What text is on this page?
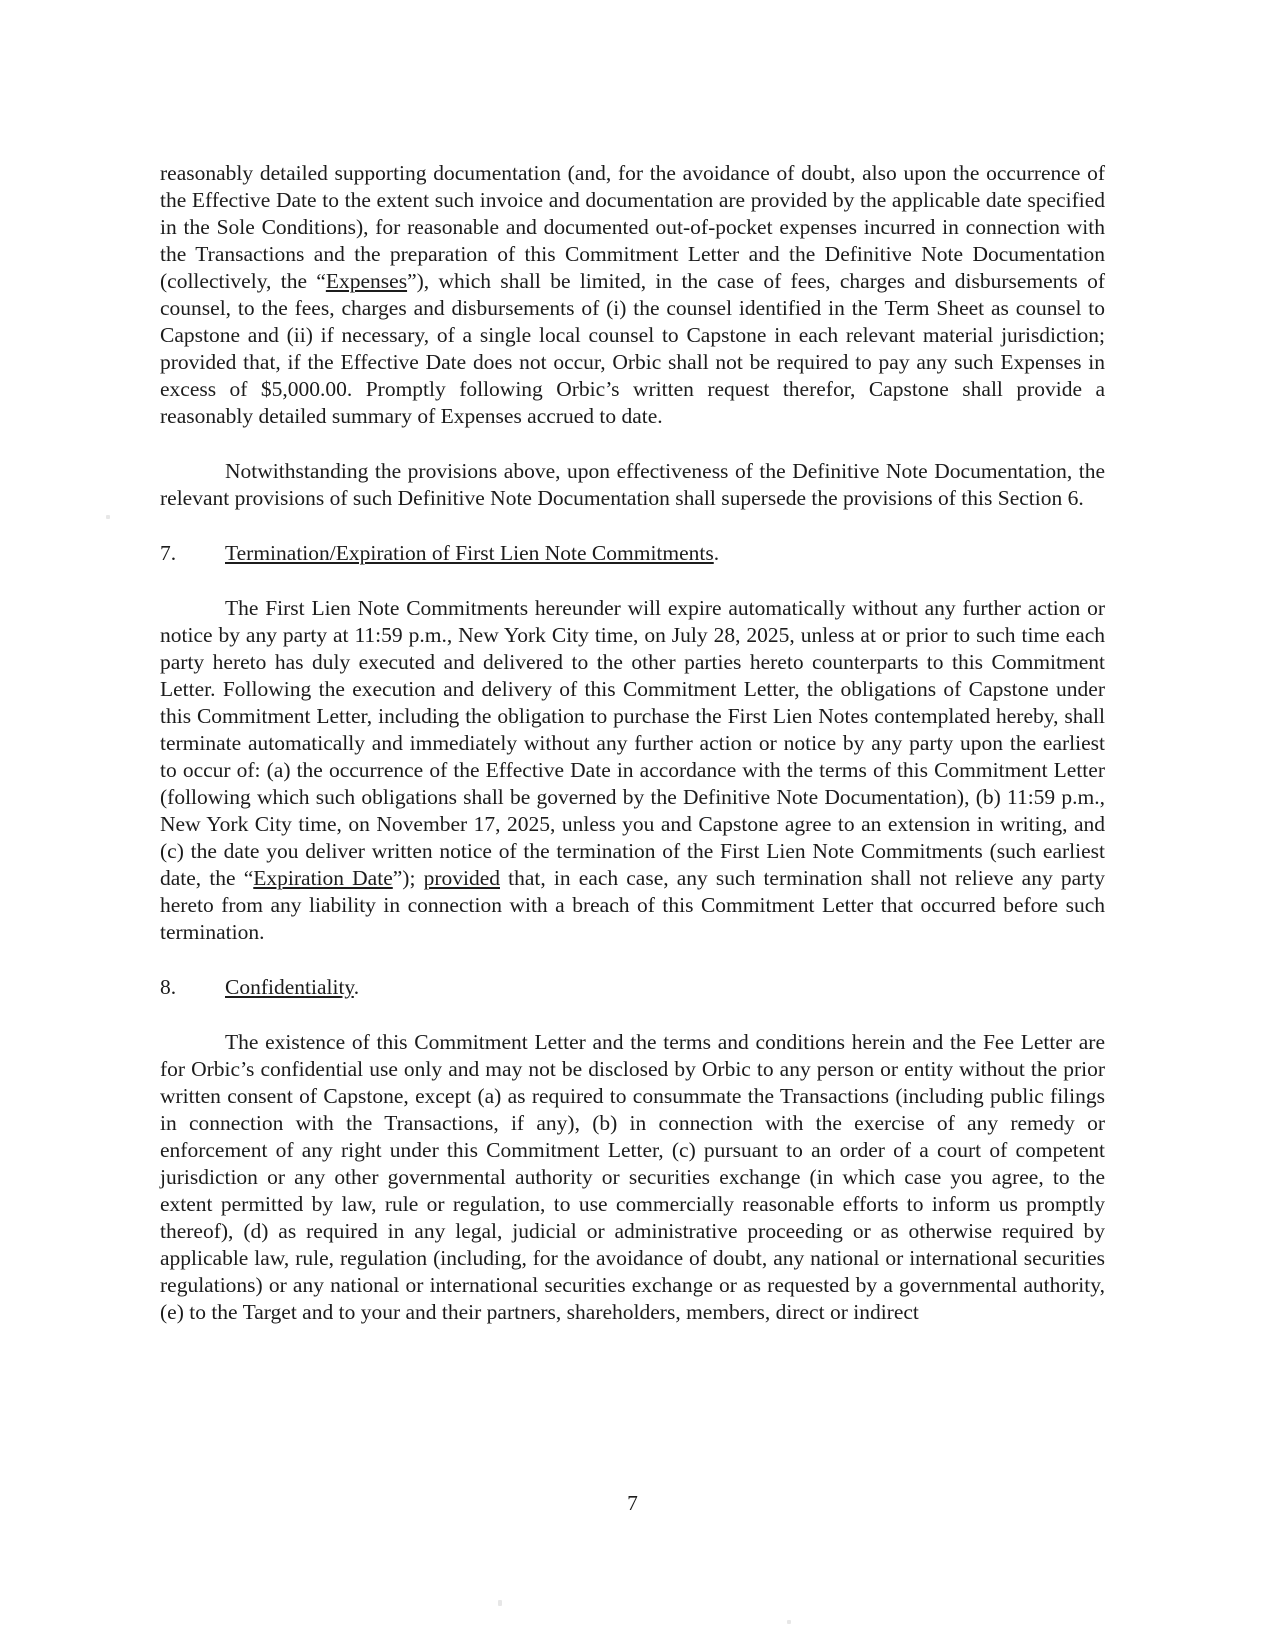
reasonably detailed supporting documentation (and, for the avoidance of doubt, also upon the occurrence of the Effective Date to the extent such invoice and documentation are provided by the applicable date specified in the Sole Conditions), for reasonable and documented out-of-pocket expenses incurred in connection with the Transactions and the preparation of this Commitment Letter and the Definitive Note Documentation (collectively, the “Expenses”), which shall be limited, in the case of fees, charges and disbursements of counsel, to the fees, charges and disbursements of (i) the counsel identified in the Term Sheet as counsel to Capstone and (ii) if necessary, of a single local counsel to Capstone in each relevant material jurisdiction; provided that, if the Effective Date does not occur, Orbic shall not be required to pay any such Expenses in excess of $5,000.00. Promptly following Orbic’s written request therefor, Capstone shall provide a reasonably detailed summary of Expenses accrued to date.

Notwithstanding the provisions above, upon effectiveness of the Definitive Note Documentation, the relevant provisions of such Definitive Note Documentation shall supersede the provisions of this Section 6.

7. Termination/Expiration of First Lien Note Commitments.

The First Lien Note Commitments hereunder will expire automatically without any further action or notice by any party at 11:59 p.m., New York City time, on July 28, 2025, unless at or prior to such time each party hereto has duly executed and delivered to the other parties hereto counterparts to this Commitment Letter. Following the execution and delivery of this Commitment Letter, the obligations of Capstone under this Commitment Letter, including the obligation to purchase the First Lien Notes contemplated hereby, shall terminate automatically and immediately without any further action or notice by any party upon the earliest to occur of: (a) the occurrence of the Effective Date in accordance with the terms of this Commitment Letter (following which such obligations shall be governed by the Definitive Note Documentation), (b) 11:59 p.m., New York City time, on November 17, 2025, unless you and Capstone agree to an extension in writing, and (c) the date you deliver written notice of the termination of the First Lien Note Commitments (such earliest date, the “Expiration Date”); provided that, in each case, any such termination shall not relieve any party hereto from any liability in connection with a breach of this Commitment Letter that occurred before such termination.

8. Confidentiality.

The existence of this Commitment Letter and the terms and conditions herein and the Fee Letter are for Orbic’s confidential use only and may not be disclosed by Orbic to any person or entity without the prior written consent of Capstone, except (a) as required to consummate the Transactions (including public filings in connection with the Transactions, if any), (b) in connection with the exercise of any remedy or enforcement of any right under this Commitment Letter, (c) pursuant to an order of a court of competent jurisdiction or any other governmental authority or securities exchange (in which case you agree, to the extent permitted by law, rule or regulation, to use commercially reasonable efforts to inform us promptly thereof), (d) as required in any legal, judicial or administrative proceeding or as otherwise required by applicable law, rule, regulation (including, for the avoidance of doubt, any national or international securities regulations) or any national or international securities exchange or as requested by a governmental authority, (e) to the Target and to your and their partners, shareholders, members, direct or indirect

7
